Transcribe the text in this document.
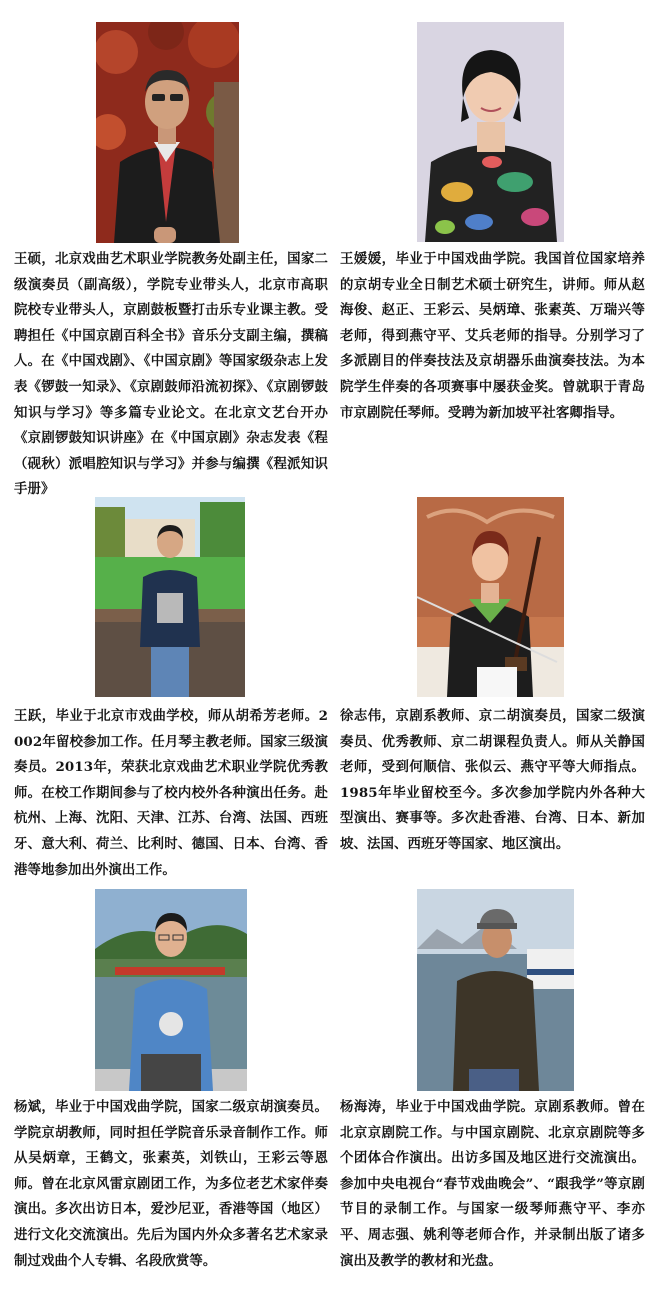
王硕，北京戏曲艺术职业学院教务处副主任，国家二级演奏员（副高级），学院专业带头人，北京市高职院校专业带头人，京剧鼓板暨打击乐专业课主教。受聘担任《中国京剧百科全书》音乐分支副主编，撰稿人。在《中国戏剧》、《中国京剧》等国家级杂志上发表《锣鼓一知录》、《京剧鼓师沿流初探》、《京剧锣鼓知识与学习》等多篇专业论文。在北京文艺台开办《京剧锣鼓知识讲座》在《中国京剧》杂志发表《程（砚秋）派唱腔知识与学习》并参与编撰《程派知识手册》

王媛媛，毕业于中国戏曲学院。我国首位国家培养的京胡专业全日制艺术硕士研究生，讲师。师从赵海俊、赵正、王彩云、吴炳璋、张素英、万瑞兴等老师，得到燕守平、艾兵老师的指导。分别学习了多派剧目的伴奏技法及京胡器乐曲演奏技法。为本院学生伴奏的各项赛事中屡获金奖。曾就职于青岛市京剧院任琴师。受聘为新加坡平社客卿指导。

王跃，毕业于北京市戏曲学校，师从胡希芳老师。2002年留校参加工作。任月琴主教老师。国家三级演奏员。2013年，荣获北京戏曲艺术职业学院优秀教师。在校工作期间参与了校内校外各种演出任务。赴杭州、上海、沈阳、天津、江苏、台湾、法国、西班牙、意大利、荷兰、比利时、德国、日本、台湾、香港等地参加出外演出工作。

徐志伟，京剧系教师、京二胡演奏员，国家二级演奏员、优秀教师、京二胡课程负责人。师从关静国老师，受到何顺信、张似云、燕守平等大师指点。1985年毕业留校至今。多次参加学院内外各种大型演出、赛事等。多次赴香港、台湾、日本、新加坡、法国、西班牙等国家、地区演出。

杨斌，毕业于中国戏曲学院，国家二级京胡演奏员。学院京胡教师，同时担任学院音乐录音制作工作。师从吴炳章，王鹤文，张素英，刘铁山，王彩云等恩师。曾在北京风雷京剧团工作，为多位老艺术家伴奏演出。多次出访日本，爱沙尼亚，香港等国（地区）进行文化交流演出。先后为国内外众多著名艺术家录制过戏曲个人专辑、名段欣赏等。

杨海涛，毕业于中国戏曲学院。京剧系教师。曾在北京京剧院工作。与中国京剧院、北京京剧院等多个团体合作演出。出访多国及地区进行交流演出。参加中央电视台“春节戏曲晚会”、“跟我学”等京剧节目的录制工作。与国家一级琴师燕守平、李亦平、周志强、姚利等老师合作，并录制出版了诸多演出及教学的教材和光盘。
